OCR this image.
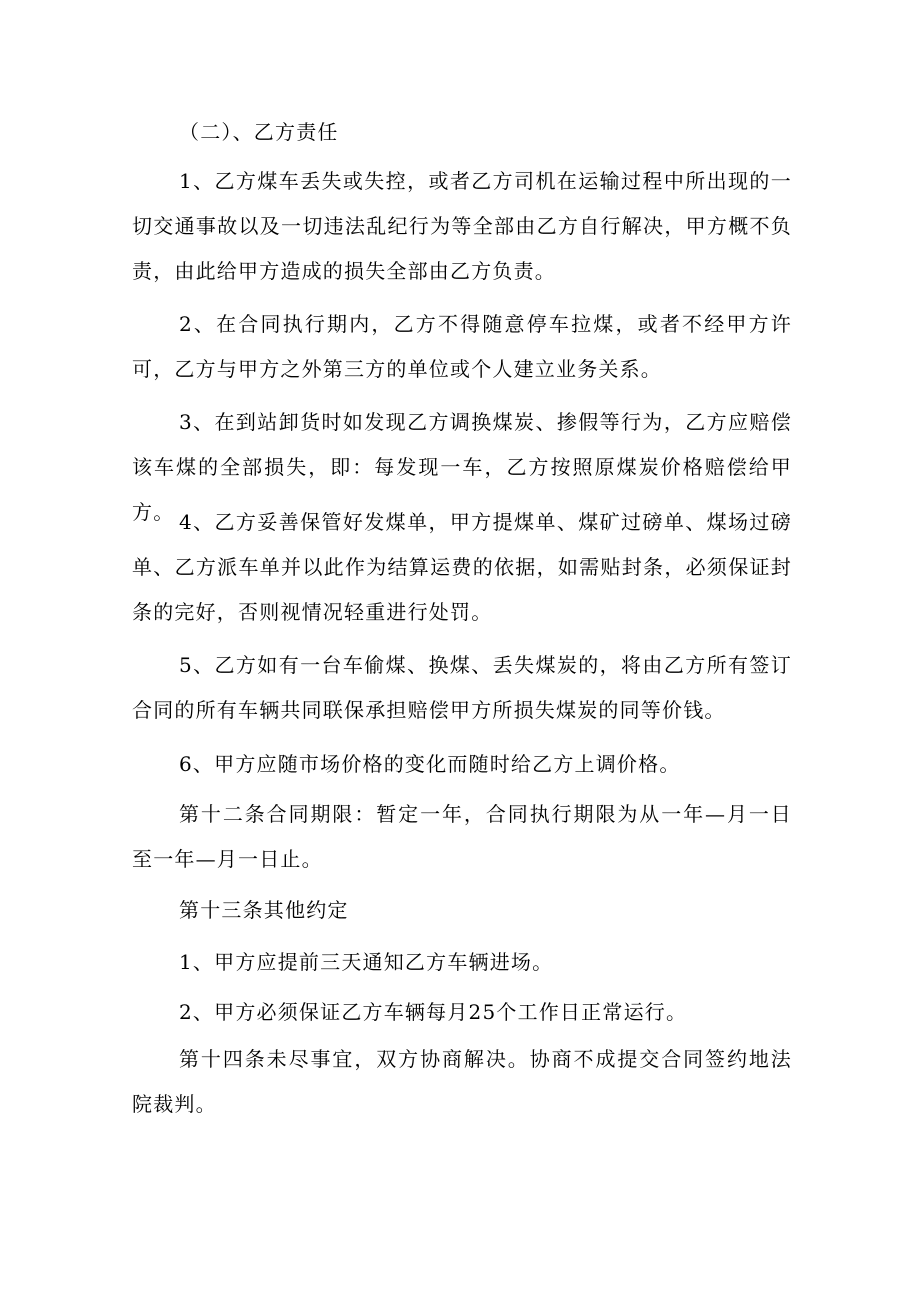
（二）、乙方责任

1、乙方煤车丢失或失控，或者乙方司机在运输过程中所出现的一切交通事故以及一切违法乱纪行为等全部由乙方自行解决，甲方概不负责，由此给甲方造成的损失全部由乙方负责。

2、在合同执行期内，乙方不得随意停车拉煤，或者不经甲方许可，乙方与甲方之外第三方的单位或个人建立业务关系。

3、在到站卸货时如发现乙方调换煤炭、掺假等行为，乙方应赔偿该车煤的全部损失，即：每发现一车，乙方按照原煤炭价格赔偿给甲方。 4、乙方妥善保管好发煤单，甲方提煤单、煤矿过磅单、煤场过磅单、乙方派车单并以此作为结算运费的依据，如需贴封条，必须保证封条的完好，否则视情况轻重进行处罚。

5、乙方如有一台车偷煤、换煤、丢失煤炭的，将由乙方所有签订合同的所有车辆共同联保承担赔偿甲方所损失煤炭的同等价钱。

6、甲方应随市场价格的变化而随时给乙方上调价格。

第十二条合同期限：暂定一年，合同执行期限为从一年—月一日至一年—月一日止。

第十三条其他约定

1、甲方应提前三天通知乙方车辆进场。

2、甲方必须保证乙方车辆每月25个工作日正常运行。

第十四条未尽事宜，双方协商解决。协商不成提交合同签约地法院裁判。
